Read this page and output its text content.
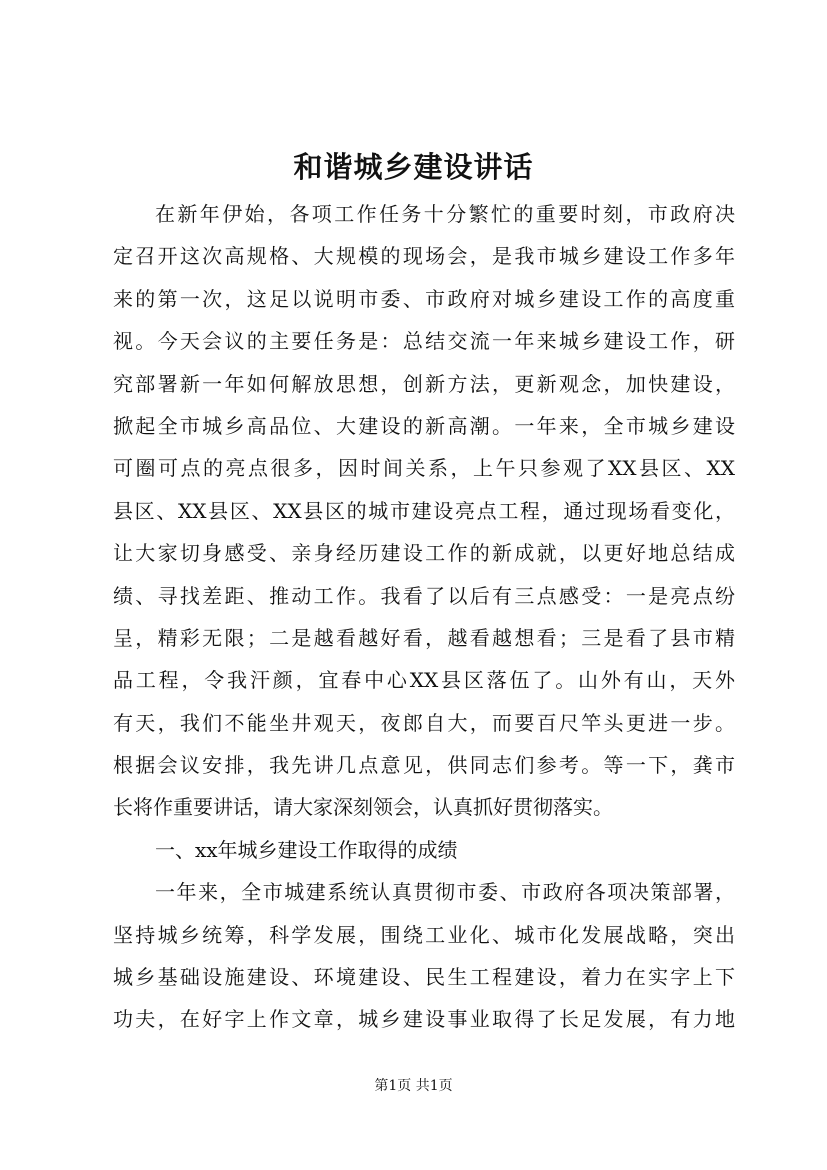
和谐城乡建设讲话
在新年伊始，各项工作任务十分繁忙的重要时刻，市政府决
定召开这次高规格、大规模的现场会，是我市城乡建设工作多年
来的第一次，这足以说明市委、市政府对城乡建设工作的高度重
视。今天会议的主要任务是：总结交流一年来城乡建设工作，研
究部署新一年如何解放思想，创新方法，更新观念，加快建设，
掀起全市城乡高品位、大建设的新高潮。一年来，全市城乡建设
可圈可点的亮点很多，因时间关系，上午只参观了XX县区、XX
县区、XX县区、XX县区的城市建设亮点工程，通过现场看变化，
让大家切身感受、亲身经历建设工作的新成就，以更好地总结成
绩、寻找差距、推动工作。我看了以后有三点感受：一是亮点纷
呈，精彩无限；二是越看越好看，越看越想看；三是看了县市精
品工程，令我汗颜，宜春中心XX县区落伍了。山外有山，天外
有天，我们不能坐井观天，夜郎自大，而要百尺竿头更进一步。
根据会议安排，我先讲几点意见，供同志们参考。等一下，龚市
长将作重要讲话，请大家深刻领会，认真抓好贯彻落实。
一、xx年城乡建设工作取得的成绩
一年来，全市城建系统认真贯彻市委、市政府各项决策部署，
坚持城乡统筹，科学发展，围绕工业化、城市化发展战略，突出
城乡基础设施建设、环境建设、民生工程建设，着力在实字上下
功夫，在好字上作文章，城乡建设事业取得了长足发展，有力地
第1页 共1页
